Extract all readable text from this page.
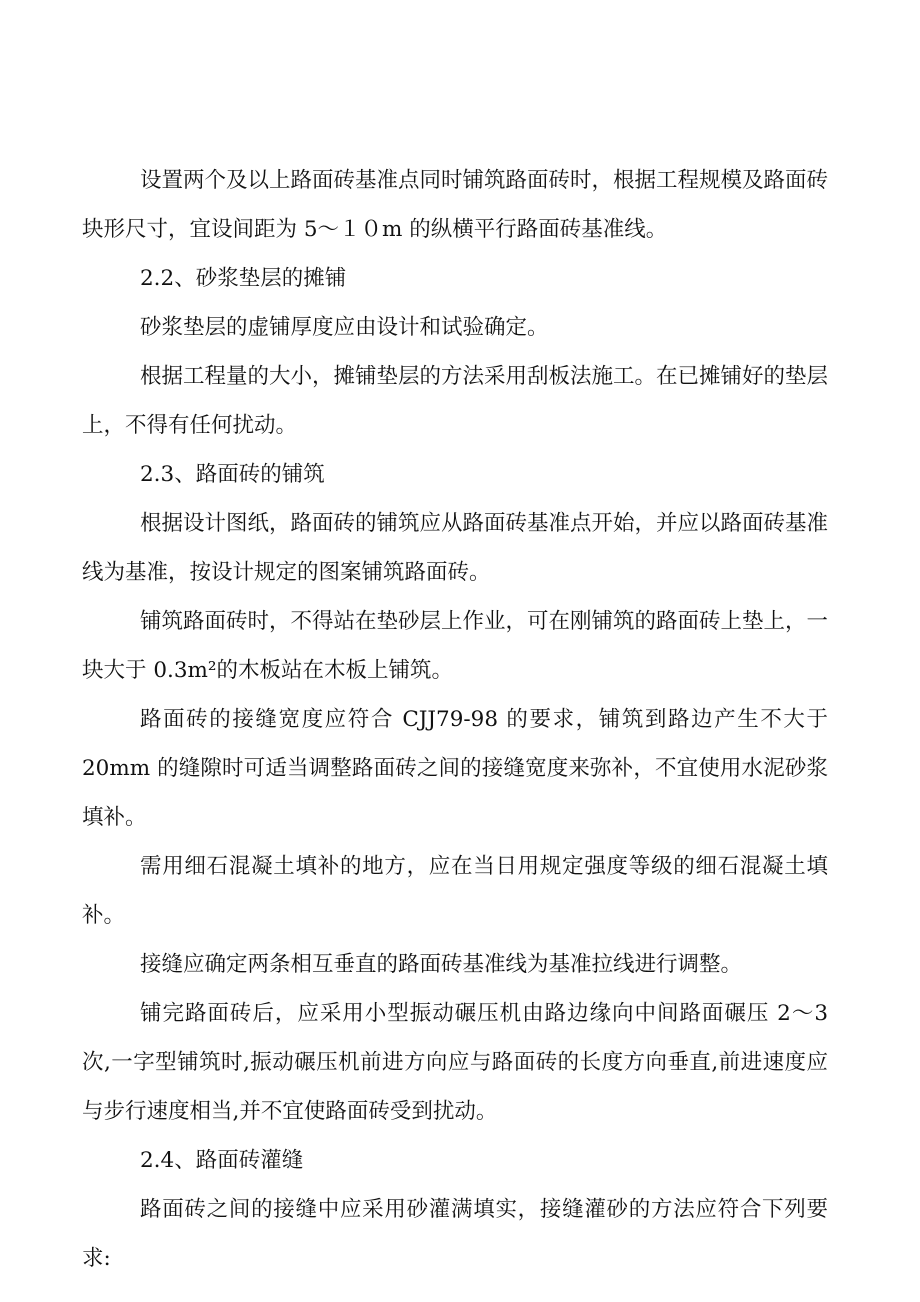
设置两个及以上路面砖基准点同时铺筑路面砖时，根据工程规模及路面砖块形尺寸，宜设间距为 5～１０m 的纵横平行路面砖基准线。

2.2、砂浆垫层的摊铺

砂浆垫层的虚铺厚度应由设计和试验确定。

根据工程量的大小，摊铺垫层的方法采用刮板法施工。在已摊铺好的垫层上，不得有任何扰动。

2.3、路面砖的铺筑

根据设计图纸，路面砖的铺筑应从路面砖基准点开始，并应以路面砖基准线为基准，按设计规定的图案铺筑路面砖。

铺筑路面砖时，不得站在垫砂层上作业，可在刚铺筑的路面砖上垫上，一块大于 0.3m²的木板站在木板上铺筑。

路面砖的接缝宽度应符合 CJJ79-98 的要求，铺筑到路边产生不大于 20mm 的缝隙时可适当调整路面砖之间的接缝宽度来弥补，不宜使用水泥砂浆填补。

需用细石混凝土填补的地方，应在当日用规定强度等级的细石混凝土填补。

接缝应确定两条相互垂直的路面砖基准线为基准拉线进行调整。

铺完路面砖后，应采用小型振动碾压机由路边缘向中间路面碾压 2～3 次,一字型铺筑时,振动碾压机前进方向应与路面砖的长度方向垂直,前进速度应与步行速度相当,并不宜使路面砖受到扰动。

2.4、路面砖灌缝

路面砖之间的接缝中应采用砂灌满填实，接缝灌砂的方法应符合下列要求:
